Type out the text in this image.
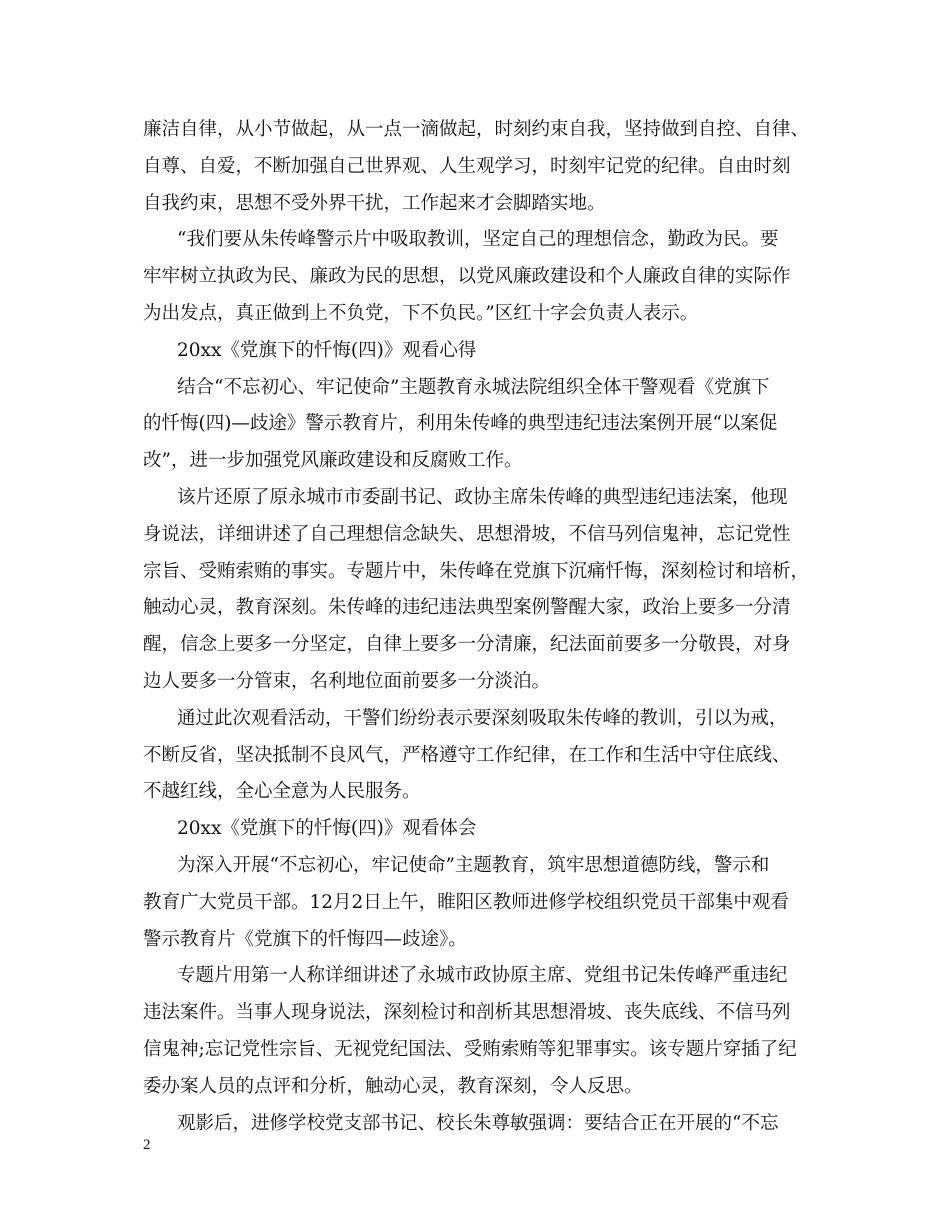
廉洁自律，从小节做起，从一点一滴做起，时刻约束自我，坚持做到自控、自律、
自尊、自爱，不断加强自己世界观、人生观学习，时刻牢记党的纪律。自由时刻
自我约束，思想不受外界干扰，工作起来才会脚踏实地。
“我们要从朱传峰警示片中吸取教训，坚定自己的理想信念，勤政为民。要
牢牢树立执政为民、廉政为民的思想，以党风廉政建设和个人廉政自律的实际作
为出发点，真正做到上不负党，下不负民。”区红十字会负责人表示。
20xx《党旗下的忏悔(四)》观看心得
结合“不忘初心、牢记使命”主题教育永城法院组织全体干警观看《党旗下
的忏悔(四)—歧途》警示教育片，利用朱传峰的典型违纪违法案例开展“以案促
改”，进一步加强党风廉政建设和反腐败工作。
该片还原了原永城市市委副书记、政协主席朱传峰的典型违纪违法案，他现
身说法，详细讲述了自己理想信念缺失、思想滑坡，不信马列信鬼神，忘记党性
宗旨、受贿索贿的事实。专题片中，朱传峰在党旗下沉痛忏悔，深刻检讨和培析，
触动心灵，教育深刻。朱传峰的违纪违法典型案例警醒大家，政治上要多一分清
醒，信念上要多一分坚定，自律上要多一分清廉，纪法面前要多一分敬畏，对身
边人要多一分管束，名利地位面前要多一分淡泊。
通过此次观看活动，干警们纷纷表示要深刻吸取朱传峰的教训，引以为戒，
不断反省，坚决抵制不良风气，严格遵守工作纪律，在工作和生活中守住底线、
不越红线，全心全意为人民服务。
20xx《党旗下的忏悔(四)》观看体会
为深入开展“不忘初心，牢记使命”主题教育，筑牢思想道德防线，警示和
教育广大党员干部。12月2日上午，睢阳区教师进修学校组织党员干部集中观看
警示教育片《党旗下的忏悔四—歧途》。
专题片用第一人称详细讲述了永城市政协原主席、党组书记朱传峰严重违纪
违法案件。当事人现身说法，深刻检讨和剖析其思想滑坡、丧失底线、不信马列
信鬼神;忘记党性宗旨、无视党纪国法、受贿索贿等犯罪事实。该专题片穿插了纪
委办案人员的点评和分析，触动心灵，教育深刻，令人反思。
观影后，进修学校党支部书记、校长朱尊敏强调：要结合正在开展的“不忘
2
